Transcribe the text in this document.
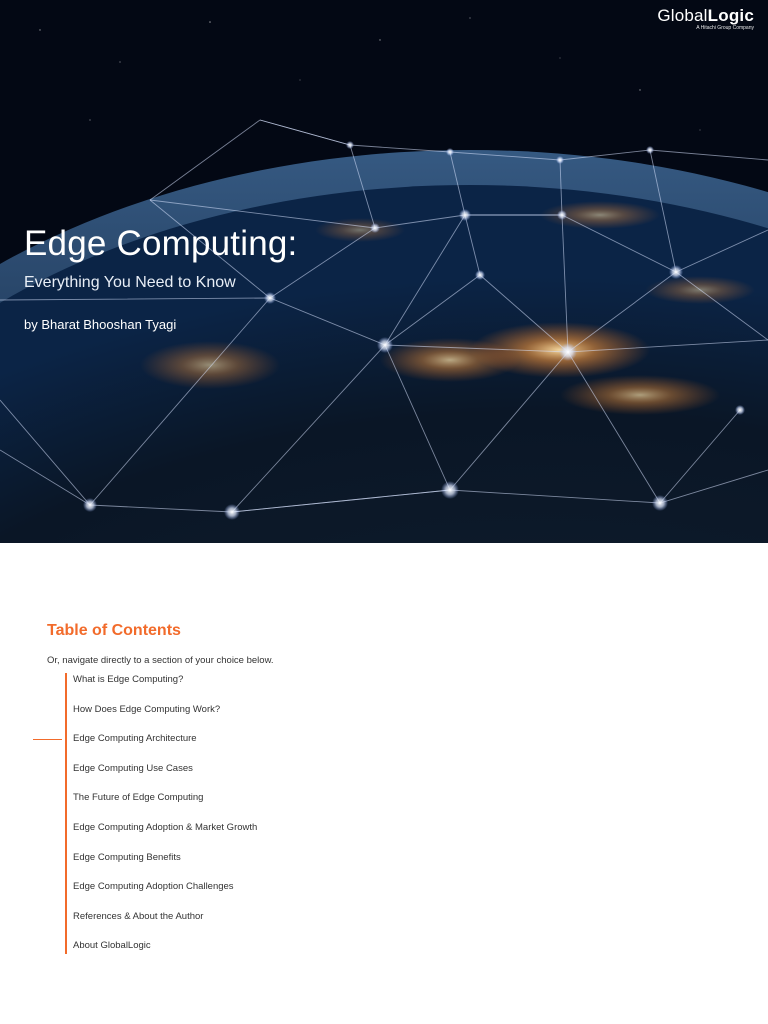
GlobalLogic
A Hitachi Group Company
Edge Computing:

Everything You Need to Know

by Bharat Bhooshan Tyagi

Table of Contents

Or, navigate directly to a section of your choice below.

What is Edge Computing?
How Does Edge Computing Work?
Edge Computing Architecture
Edge Computing Use Cases
The Future of Edge Computing
Edge Computing Adoption & Market Growth
Edge Computing Benefits
Edge Computing Adoption Challenges
References & About the Author
About GlobalLogic
